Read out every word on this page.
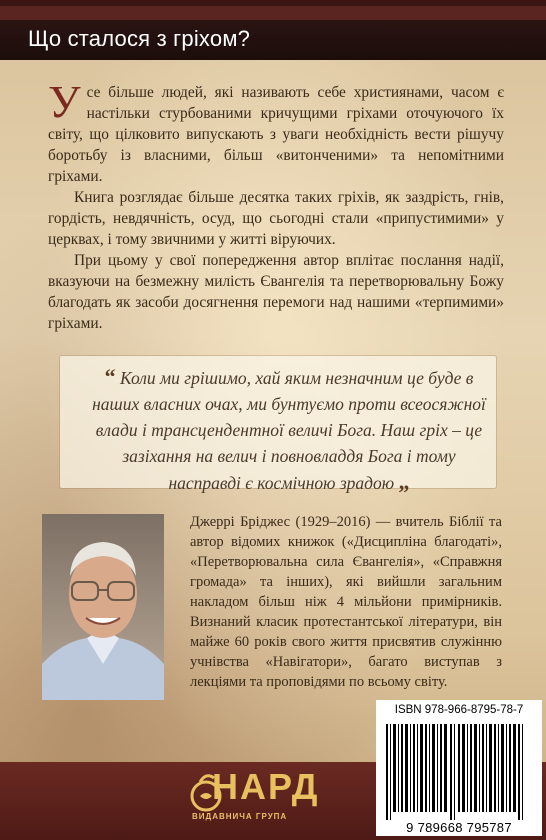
Що сталося з гріхом?

Усе більше людей, які називають себе християнами, часом є настільки стурбованими кричущими гріхами оточуючого їх світу, що цілковито випускають з уваги необхідність вести рішучу боротьбу із власними, більш «витонченими» та непомітними гріхами.

Книга розглядає більше десятка таких гріхів, як заздрість, гнів, гордість, невдячність, осуд, що сьогодні стали «припустимими» у церквах, і тому звичними у житті віруючих.

При цьому у свої попередження автор вплітає послання надії, вказуючи на безмежну милість Євангелія та перетворювальну Божу благодать як засоби досягнення перемоги над нашими «терпимими» гріхами.

“ Коли ми грішимо, хай яким незначним це буде в наших власних очах, ми бунтуємо проти всеосяжної влади і трансцендентної величі Бога. Наш гріх – це зазіхання на велич і повновладдя Бога і тому насправді є космічною зрадою „
Джеррі Бріджес (1929–2016) — вчитель Біблії та автор відомих книжок («Дисципліна благодаті», «Перетворювальна сила Євангелія», «Справжня громада» та інших), які вийшли загальним накладом більш ніж 4 мільйони примірників. Визнаний класик протестантської літератури, він майже 60 років свого життя присвятив служінню учнівства «Навігатори», багато виступав з лекціями та проповідями по всьому світу.
НАРД
ВИДАВНИЧА ГРУПА
ISBN 978-966-8795-78-7
9 789668 795787
